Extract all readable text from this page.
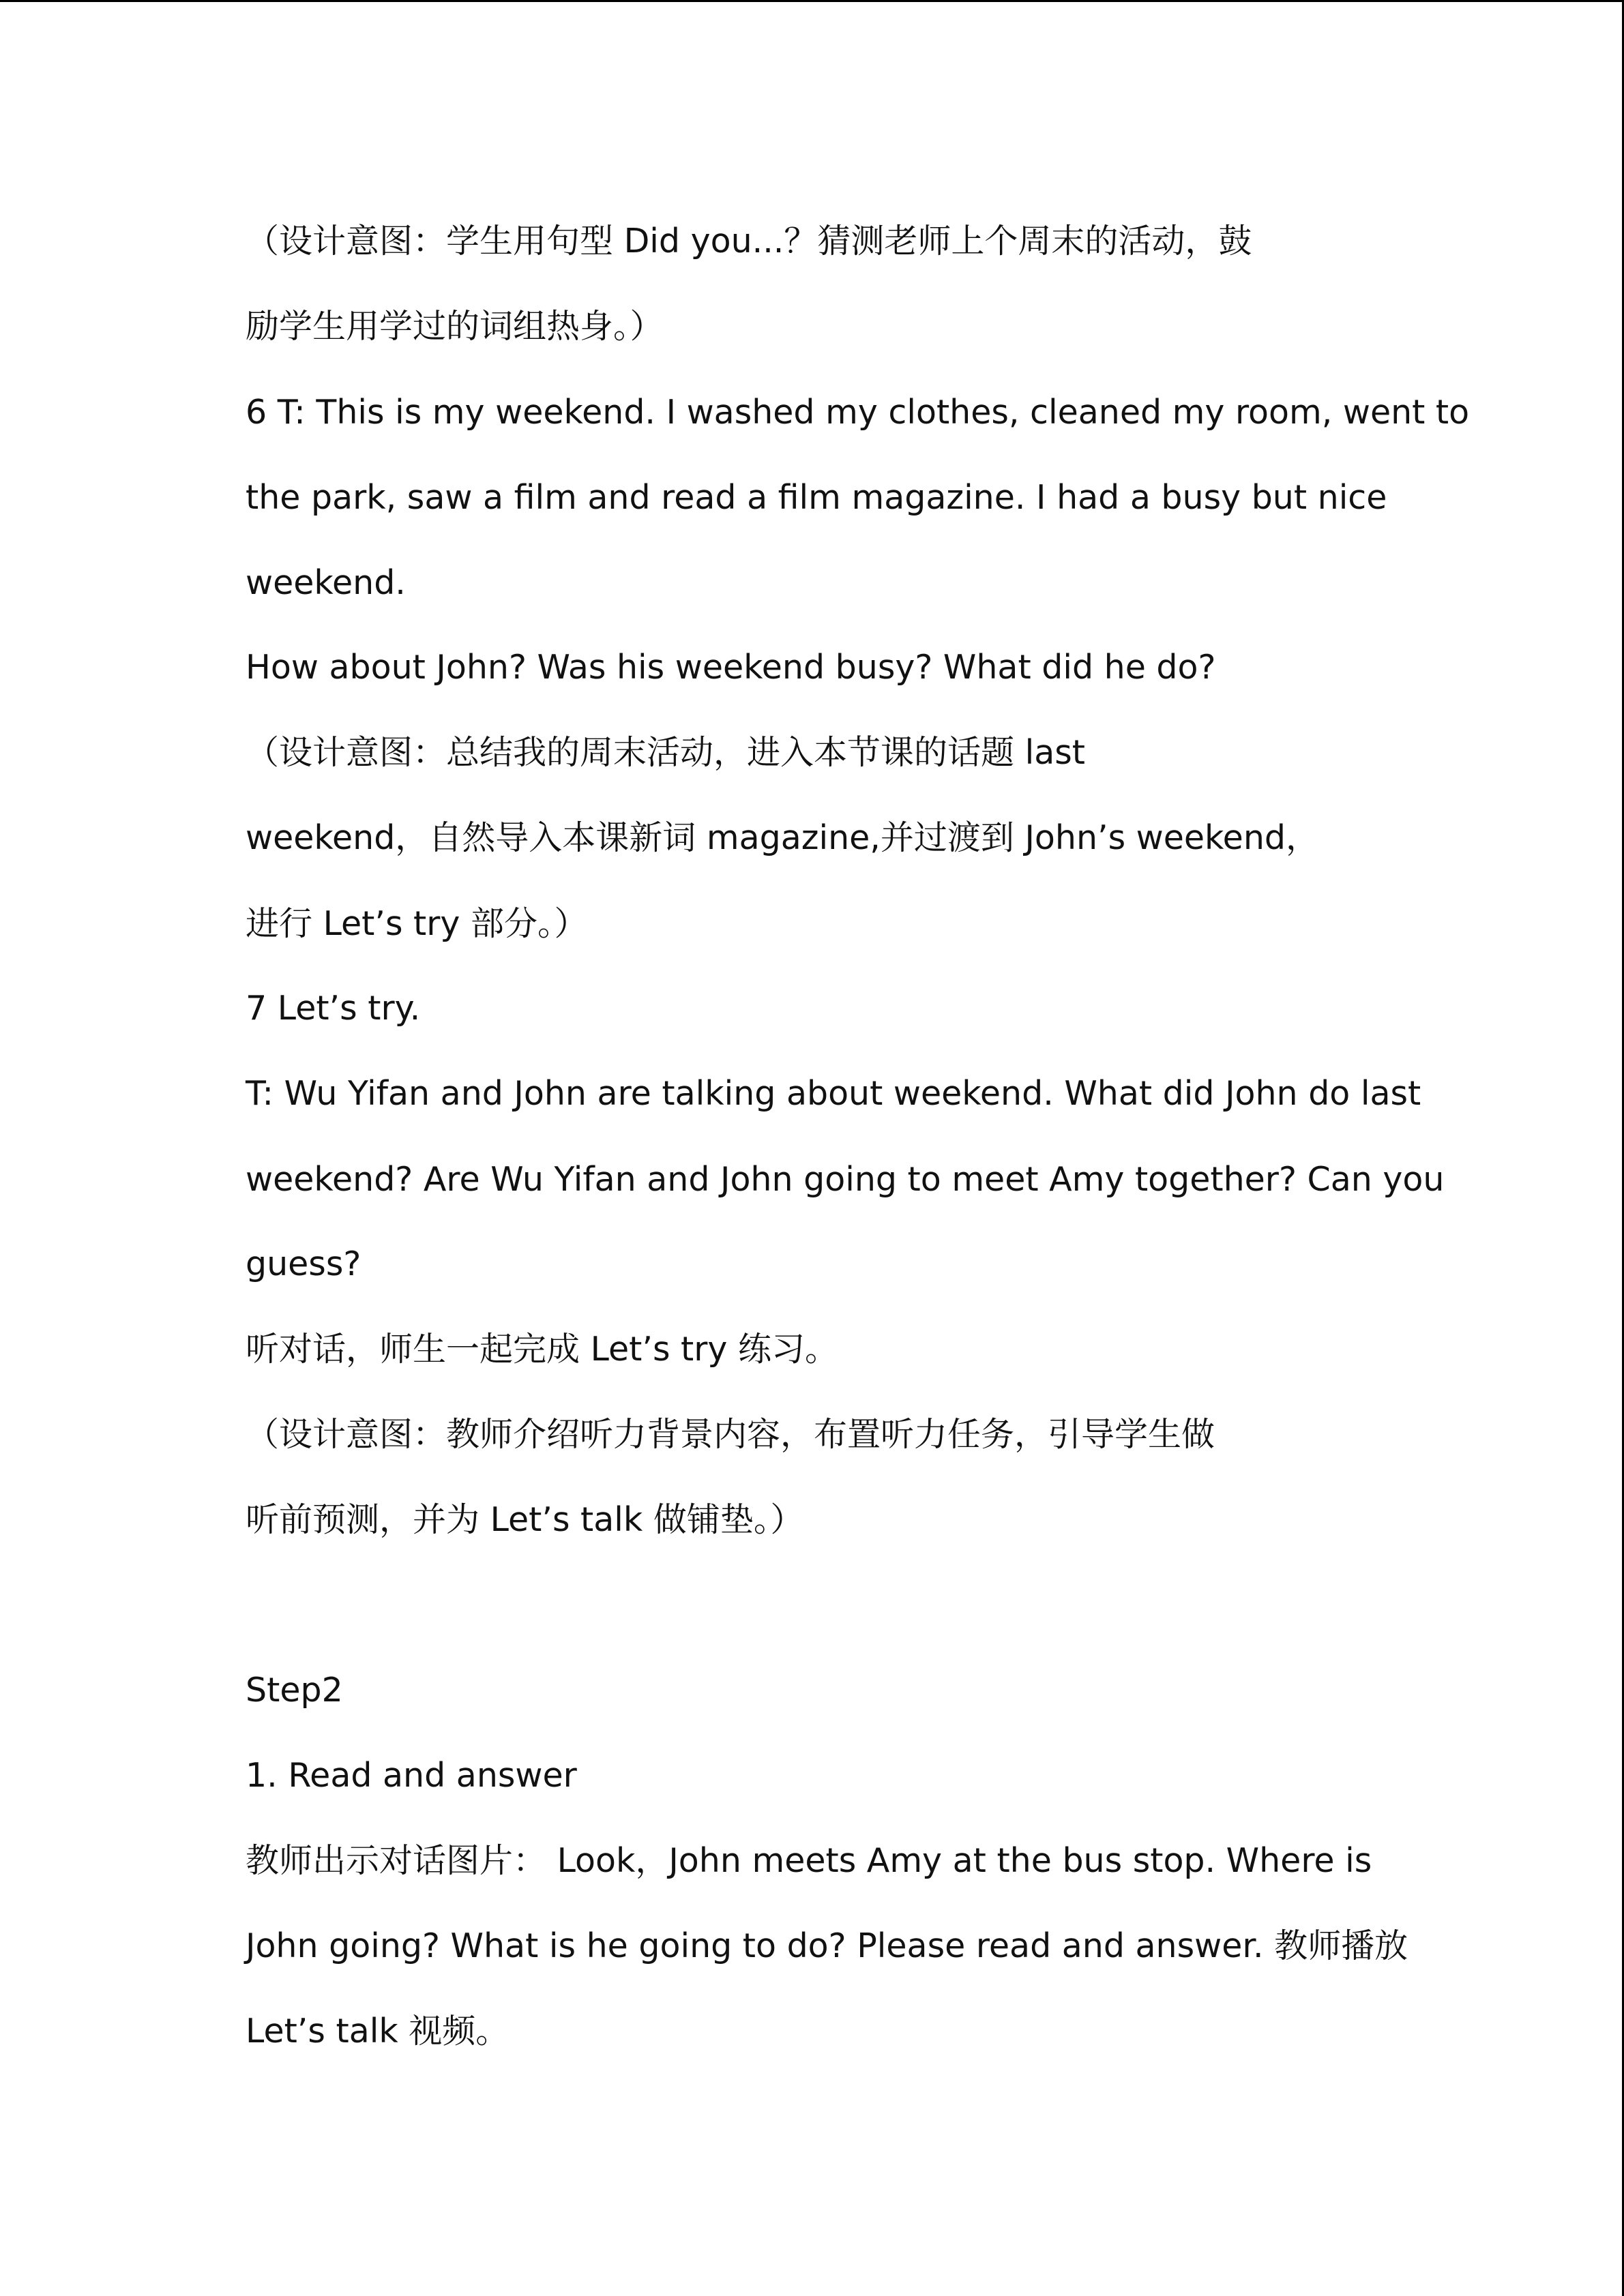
（设计意图：学生用句型 Did you...？猜测老师上个周末的活动，鼓
励学生用学过的词组热身。）
6 T: This is my weekend. I washed my clothes, cleaned my room, went to
the park, saw a film and read a film magazine. I had a busy but nice
weekend.
How about John? Was his weekend busy? What did he do?
（设计意图：总结我的周末活动，进入本节课的话题 last
weekend，自然导入本课新词 magazine,并过渡到 John’s weekend，
进行 Let’s try 部分。）
7 Let’s try.
T: Wu Yifan and John are talking about weekend. What did John do last
weekend? Are Wu Yifan and John going to meet Amy together? Can you
guess?
听对话，师生一起完成 Let’s try 练习。
（设计意图：教师介绍听力背景内容，布置听力任务，引导学生做
听前预测，并为 Let’s talk 做铺垫。）
Step2
1. Read and answer
教师出示对话图片： Look，John meets Amy at the bus stop. Where is
John going? What is he going to do? Please read and answer. 教师播放
Let’s talk 视频。
